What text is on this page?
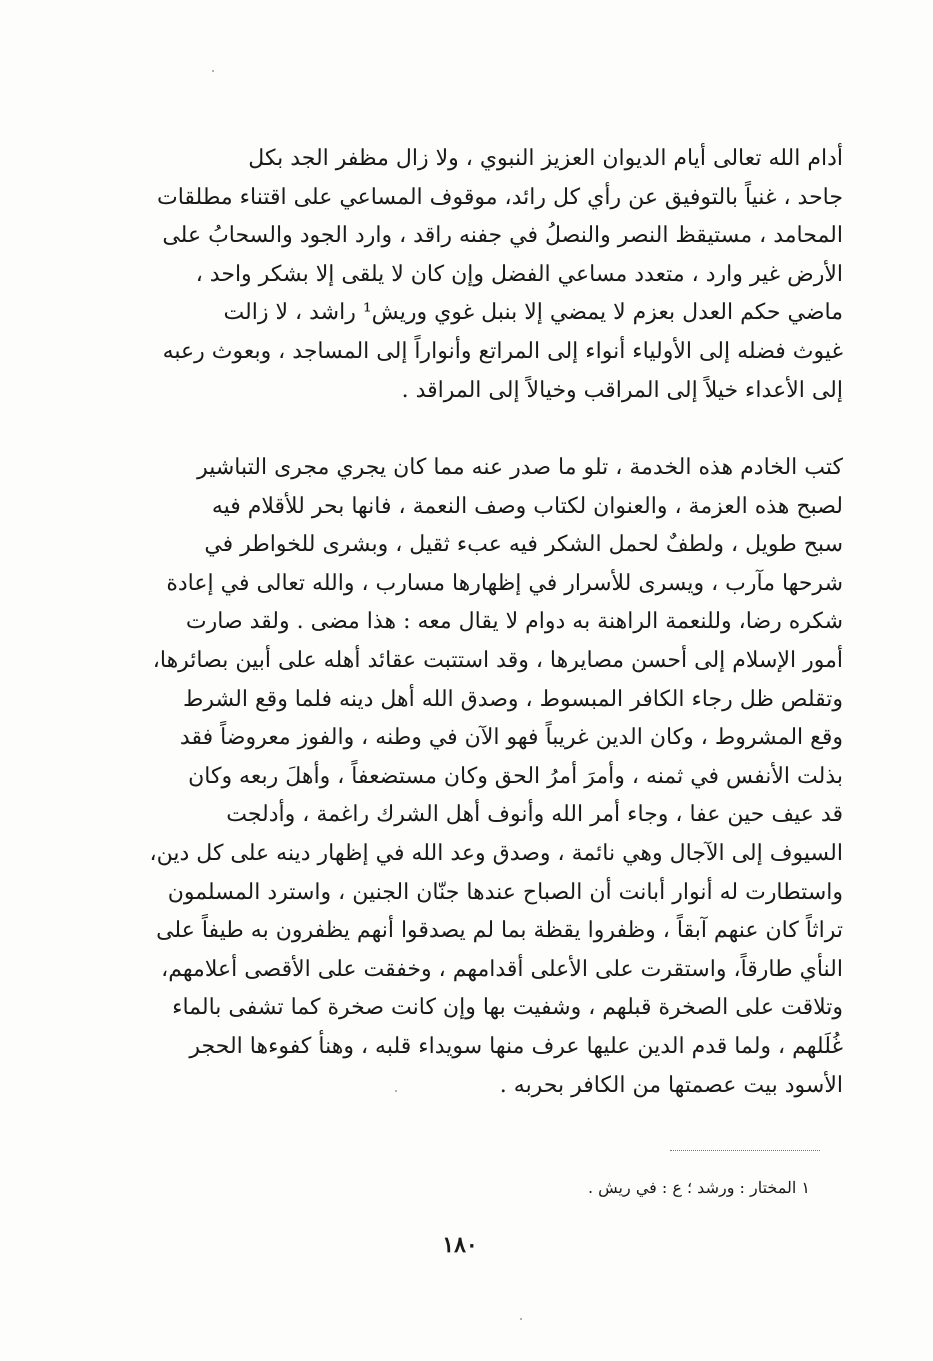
أدام الله تعالى أيام الديوان العزيز النبوي ، ولا زال مظفر الجد بكل
جاحد ، غنياً بالتوفيق عن رأي كل رائد، موقوف المساعي على اقتناء مطلقات
المحامد ، مستيقظ النصر والنصلُ في جفنه راقد ، وارد الجود والسحابُ على
الأرض غير وارد ، متعدد مساعي الفضل وإن كان لا يلقى إلا بشكر واحد ،
ماضي حكم العدل بعزم لا يمضي إلا بنبل غوي وريش¹ راشد ، لا زالت
غيوث فضله إلى الأولياء أنواء إلى المراتع وأنواراً إلى المساجد ، وبعوث رعبه
إلى الأعداء خيلاً إلى المراقب وخيالاً إلى المراقد .
كتب الخادم هذه الخدمة ، تلو ما صدر عنه مما كان يجري مجرى التباشير
لصبح هذه العزمة ، والعنوان لكتاب وصف النعمة ، فانها بحر للأقلام فيه
سبح طويل ، ولطفٌ لحمل الشكر فيه عبء ثقيل ، وبشرى للخواطر في
شرحها مآرب ، ويسرى للأسرار في إظهارها مسارب ، والله تعالى في إعادة
شكره رضا، وللنعمة الراهنة به دوام لا يقال معه : هذا مضى . ولقد صارت
أمور الإسلام إلى أحسن مصايرها ، وقد استتبت عقائد أهله على أبين بصائرها،
وتقلص ظل رجاء الكافر المبسوط ، وصدق الله أهل دينه فلما وقع الشرط
وقع المشروط ، وكان الدين غريباً فهو الآن في وطنه ، والفوز معروضاً فقد
بذلت الأنفس في ثمنه ، وأمرَ أمرُ الحق وكان مستضعفاً ، وأهلَ ربعه وكان
قد عيف حين عفا ، وجاء أمر الله وأنوف أهل الشرك راغمة ، وأدلجت
السيوف إلى الآجال وهي نائمة ، وصدق وعد الله في إظهار دينه على كل دين،
واستطارت له أنوار أبانت أن الصباح عندها جنّان الجنين ، واسترد المسلمون
تراثاً كان عنهم آبقاً ، وظفروا يقظة بما لم يصدقوا أنهم يظفرون به طيفاً على
النأي طارقاً، واستقرت على الأعلى أقدامهم ، وخفقت على الأقصى أعلامهم،
وتلاقت على الصخرة قبلهم ، وشفيت بها وإن كانت صخرة كما تشفى بالماء
غُلَلهم ، ولما قدم الدين عليها عرف منها سويداء قلبه ، وهنأ كفوءها الحجر
الأسود بيت عصمتها من الكافر بحربه .
١ المختار : ورشد ؛ ع : في ريش .
١٨٠
